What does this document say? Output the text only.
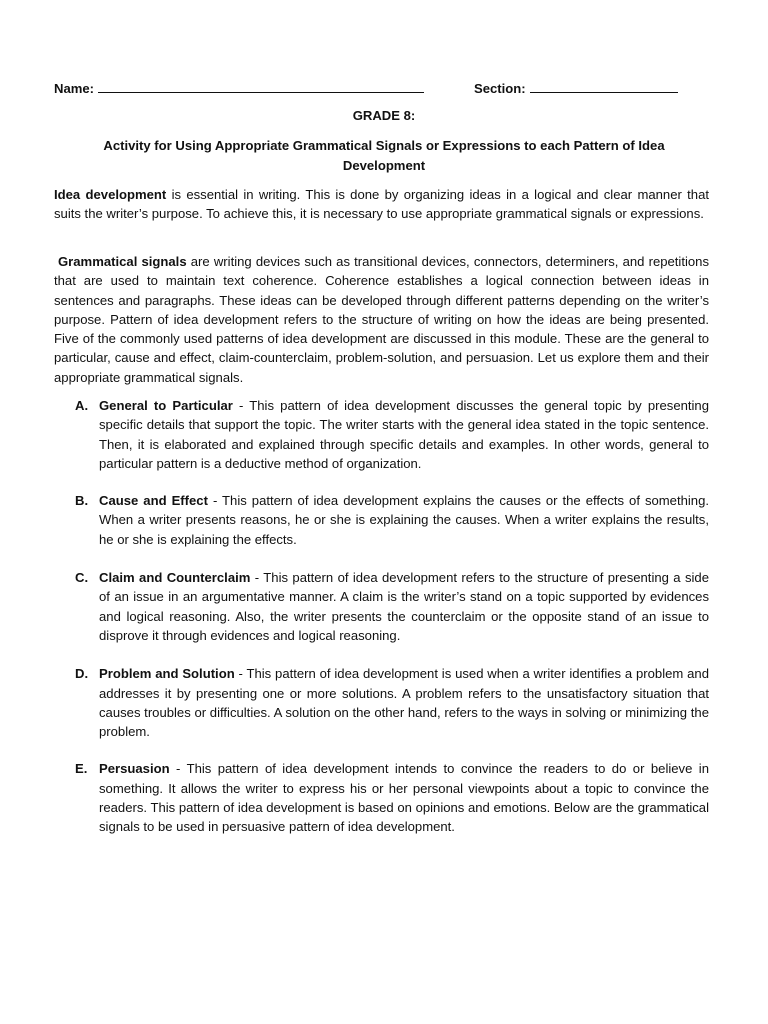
Name:	Section:
GRADE 8:
Activity for Using Appropriate Grammatical Signals or Expressions to each Pattern of Idea Development

Idea development is essential in writing. This is done by organizing ideas in a logical and clear manner that suits the writer’s purpose. To achieve this, it is necessary to use appropriate grammatical signals or expressions.

Grammatical signals are writing devices such as transitional devices, connectors, determiners, and repetitions that are used to maintain text coherence. Coherence establishes a logical connection between ideas in sentences and paragraphs. These ideas can be developed through different patterns depending on the writer’s purpose. Pattern of idea development refers to the structure of writing on how the ideas are being presented. Five of the commonly used patterns of idea development are discussed in this module. These are the general to particular, cause and effect, claim-counterclaim, problem-solution, and persuasion. Let us explore them and their appropriate grammatical signals.

A. General to Particular - This pattern of idea development discusses the general topic by presenting specific details that support the topic. The writer starts with the general idea stated in the topic sentence. Then, it is elaborated and explained through specific details and examples. In other words, general to particular pattern is a deductive method of organization.
B. Cause and Effect - This pattern of idea development explains the causes or the effects of something. When a writer presents reasons, he or she is explaining the causes. When a writer explains the results, he or she is explaining the effects.
C. Claim and Counterclaim - This pattern of idea development refers to the structure of presenting a side of an issue in an argumentative manner. A claim is the writer’s stand on a topic supported by evidences and logical reasoning. Also, the writer presents the counterclaim or the opposite stand of an issue to disprove it through evidences and logical reasoning.
D. Problem and Solution - This pattern of idea development is used when a writer identifies a problem and addresses it by presenting one or more solutions. A problem refers to the unsatisfactory situation that causes troubles or difficulties. A solution on the other hand, refers to the ways in solving or minimizing the problem.
E. Persuasion - This pattern of idea development intends to convince the readers to do or believe in something. It allows the writer to express his or her personal viewpoints about a topic to convince the readers. This pattern of idea development is based on opinions and emotions. Below are the grammatical signals to be used in persuasive pattern of idea development.
